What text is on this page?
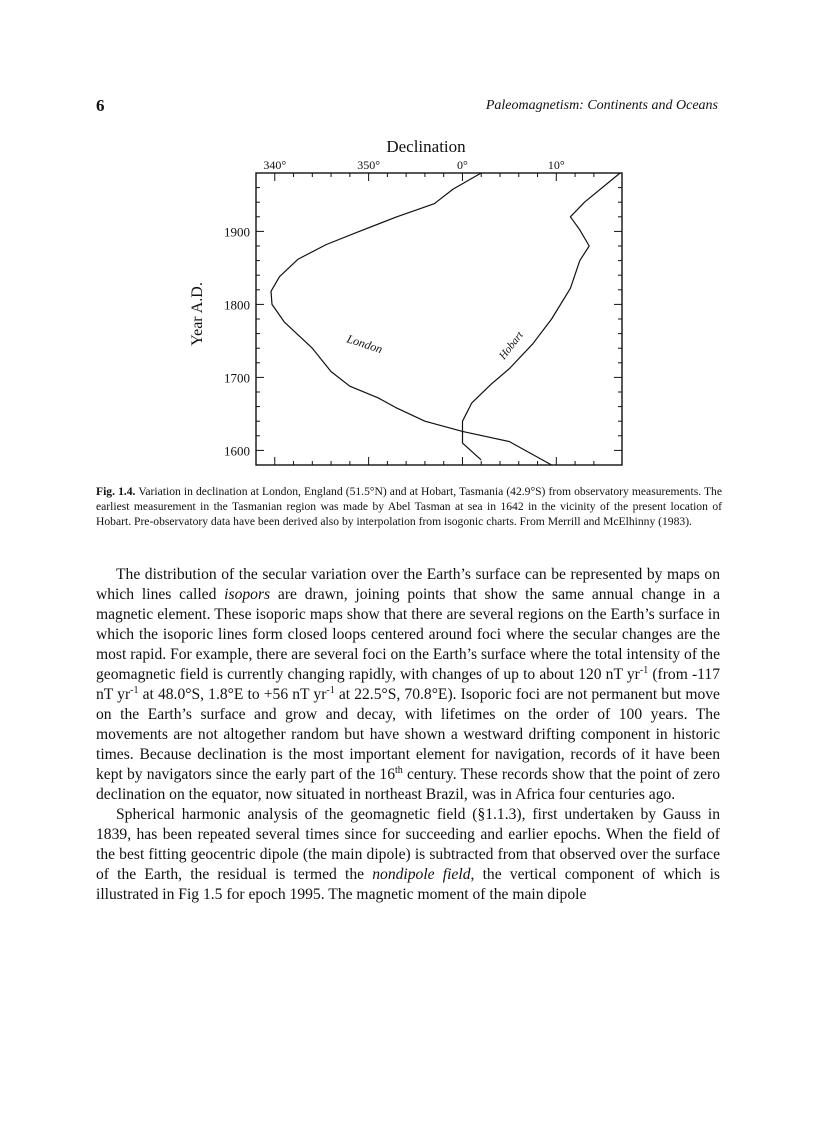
6	Paleomagnetism: Continents and Oceans
Declination
340°	350°	0°	10°
1900
1800
1700
1600
Year A.D.	London	Hobart
Fig. 1.4. Variation in declination at London, England (51.5°N) and at Hobart, Tasmania (42.9°S) from observatory measurements. The earliest measurement in the Tasmanian region was made by Abel Tasman at sea in 1642 in the vicinity of the present location of Hobart. Pre-observatory data have been derived also by interpolation from isogonic charts. From Merrill and McElhinny (1983).

The distribution of the secular variation over the Earth’s surface can be represented by maps on which lines called isopors are drawn, joining points that show the same annual change in a magnetic element. These isoporic maps show that there are several regions on the Earth’s surface in which the isoporic lines form closed loops centered around foci where the secular changes are the most rapid. For example, there are several foci on the Earth’s surface where the total intensity of the geomagnetic field is currently changing rapidly, with changes of up to about 120 nT $yr^{-1}$ (from -117 nT $yr^{-1}$ at 48.0°S, 1.8°E to +56 nT $yr^{-1}$ at 22.5°S, 70.8°E). Isoporic foci are not permanent but move on the Earth’s surface and grow and decay, with lifetimes on the order of 100 years. The movements are not altogether random but have shown a westward drifting component in historic times. Because declination is the most important element for navigation, records of it have been kept by navigators since the early part of the 16th century. These records show that the point of zero declination on the equator, now situated in northeast Brazil, was in Africa four centuries ago.

Spherical harmonic analysis of the geomagnetic field (§1.1.3), first undertaken by Gauss in 1839, has been repeated several times since for succeeding and earlier epochs. When the field of the best fitting geocentric dipole (the main dipole) is subtracted from that observed over the surface of the Earth, the residual is termed the nondipole field, the vertical component of which is illustrated in Fig 1.5 for epoch 1995. The magnetic moment of the main dipole
